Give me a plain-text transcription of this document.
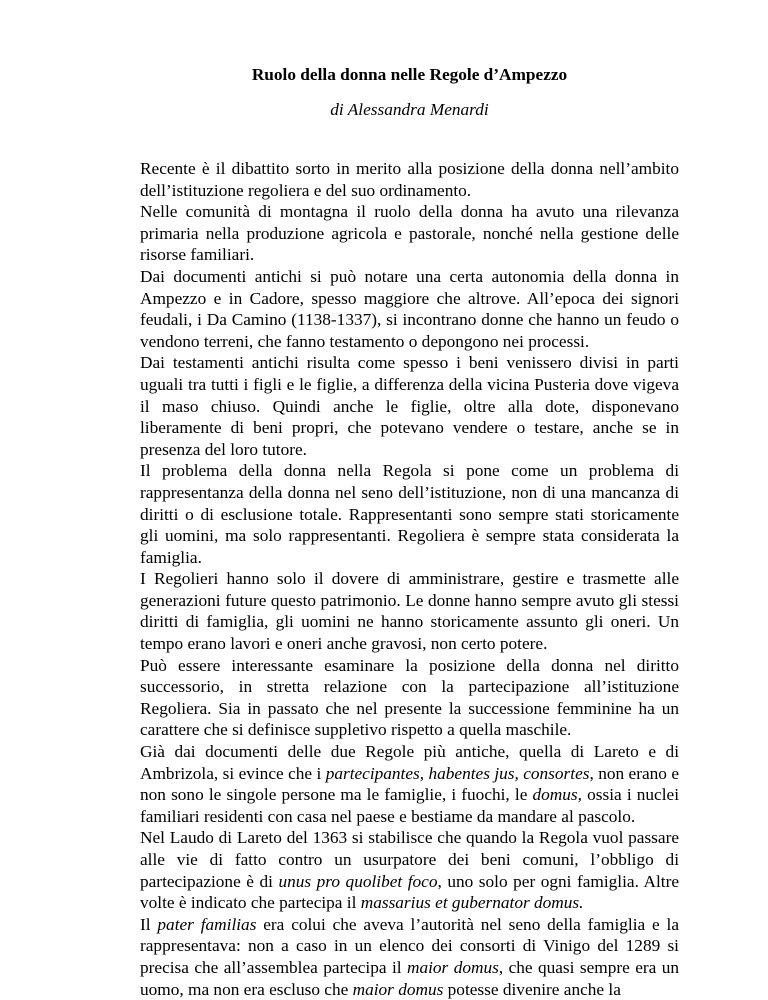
Ruolo della donna nelle Regole d’Ampezzo
di Alessandra Menardi

Recente è il dibattito sorto in merito alla posizione della donna nell’ambito dell’istituzione regoliera e del suo ordinamento.

Nelle comunità di montagna il ruolo della donna ha avuto una rilevanza primaria nella produzione agricola e pastorale, nonché nella gestione delle risorse familiari.

Dai documenti antichi si può notare una certa autonomia della donna in Ampezzo e in Cadore, spesso maggiore che altrove. All’epoca dei signori feudali, i Da Camino (1138-1337), si incontrano donne che hanno un feudo o vendono terreni, che fanno testamento o depongono nei processi.

Dai testamenti antichi risulta come spesso i beni venissero divisi in parti uguali tra tutti i figli e le figlie, a differenza della vicina Pusteria dove vigeva il maso chiuso. Quindi anche le figlie, oltre alla dote, disponevano liberamente di beni propri, che potevano vendere o testare, anche se in presenza del loro tutore.

Il problema della donna nella Regola si pone come un problema di rappresentanza della donna nel seno dell’istituzione, non di una mancanza di diritti o di esclusione totale. Rappresentanti sono sempre stati storicamente gli uomini, ma solo rappresentanti. Regoliera è sempre stata considerata la famiglia.

I Regolieri hanno solo il dovere di amministrare, gestire e trasmette alle generazioni future questo patrimonio. Le donne hanno sempre avuto gli stessi diritti di famiglia, gli uomini ne hanno storicamente assunto gli oneri. Un tempo erano lavori e oneri anche gravosi, non certo potere.

Può essere interessante esaminare la posizione della donna nel diritto successorio, in stretta relazione con la partecipazione all’istituzione Regoliera. Sia in passato che nel presente la successione femminine ha un carattere che si definisce suppletivo rispetto a quella maschile.

Già dai documenti delle due Regole più antiche, quella di Lareto e di Ambrizola, si evince che i partecipantes, habentes jus, consortes, non erano e non sono le singole persone ma le famiglie, i fuochi, le domus, ossia i nuclei familiari residenti con casa nel paese e bestiame da mandare al pascolo.

Nel Laudo di Lareto del 1363 si stabilisce che quando la Regola vuol passare alle vie di fatto contro un usurpatore dei beni comuni, l’obbligo di partecipazione è di unus pro quolibet foco, uno solo per ogni famiglia. Altre volte è indicato che partecipa il massarius et gubernator domus.

Il pater familias era colui che aveva l’autorità nel seno della famiglia e la rappresentava: non a caso in un elenco dei consorti di Vinigo del 1289 si precisa che all’assemblea partecipa il maior domus, che quasi sempre era un uomo, ma non era escluso che maior domus potesse divenire anche la
